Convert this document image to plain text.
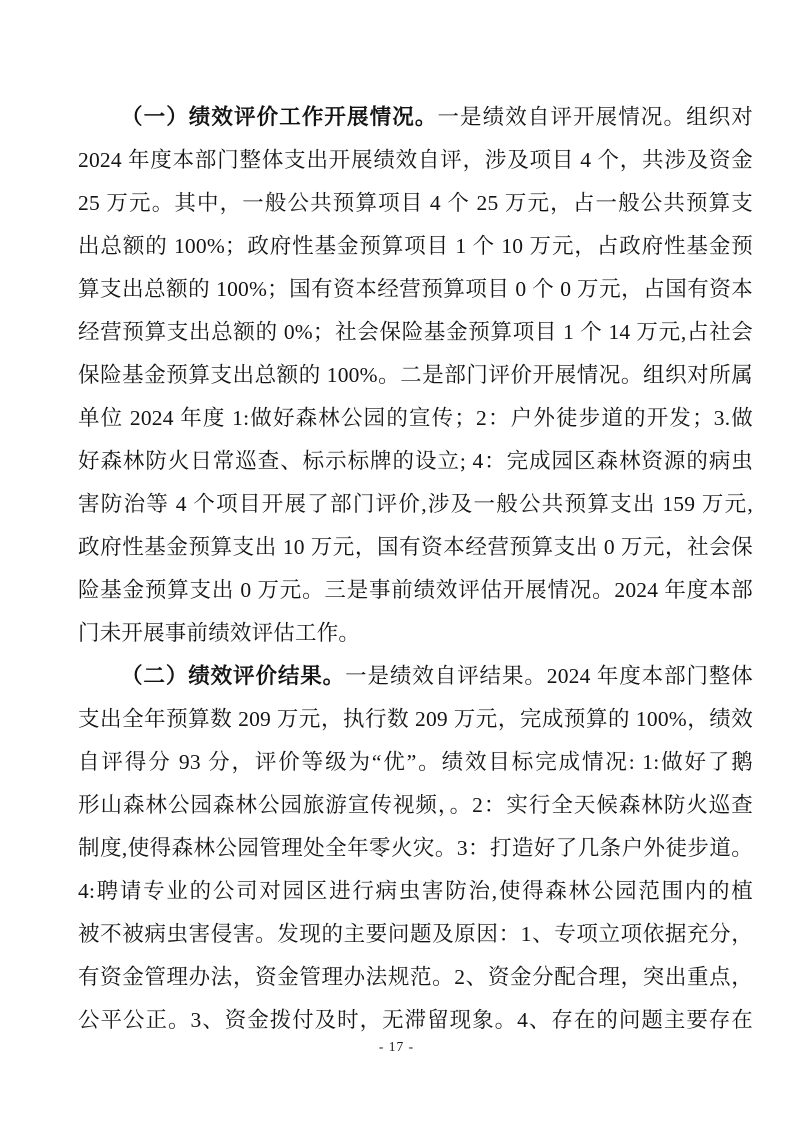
（一）绩效评价工作开展情况。一是绩效自评开展情况。组织对
2024 年度本部门整体支出开展绩效自评，涉及项目 4 个，共涉及资金
25 万元。其中，一般公共预算项目 4 个 25 万元，占一般公共预算支
出总额的 100%；政府性基金预算项目 1 个 10 万元，占政府性基金预
算支出总额的 100%；国有资本经营预算项目 0 个 0 万元，占国有资本
经营预算支出总额的 0%；社会保险基金预算项目 1 个 14 万元,占社会
保险基金预算支出总额的 100%。二是部门评价开展情况。组织对所属
单位 2024 年度 1:做好森林公园的宣传；2：户外徒步道的开发；3.做
好森林防火日常巡查、标示标牌的设立; 4：完成园区森林资源的病虫
害防治等 4 个项目开展了部门评价,涉及一般公共预算支出 159 万元,
政府性基金预算支出 10 万元，国有资本经营预算支出 0 万元，社会保
险基金预算支出 0 万元。三是事前绩效评估开展情况。2024 年度本部
门未开展事前绩效评估工作。
（二）绩效评价结果。一是绩效自评结果。2024 年度本部门整体
支出全年预算数 209 万元，执行数 209 万元，完成预算的 100%，绩效
自评得分 93 分，评价等级为“优”。绩效目标完成情况: 1:做好了鹅
形山森林公园森林公园旅游宣传视频，。2：实行全天候森林防火巡查
制度,使得森林公园管理处全年零火灾。3：打造好了几条户外徒步道。
4:聘请专业的公司对园区进行病虫害防治,使得森林公园范围内的植
被不被病虫害侵害。发现的主要问题及原因：1、专项立项依据充分，
有资金管理办法，资金管理办法规范。2、资金分配合理，突出重点，
公平公正。3、资金拨付及时，无滞留现象。4、存在的问题主要存在
- 17 -
